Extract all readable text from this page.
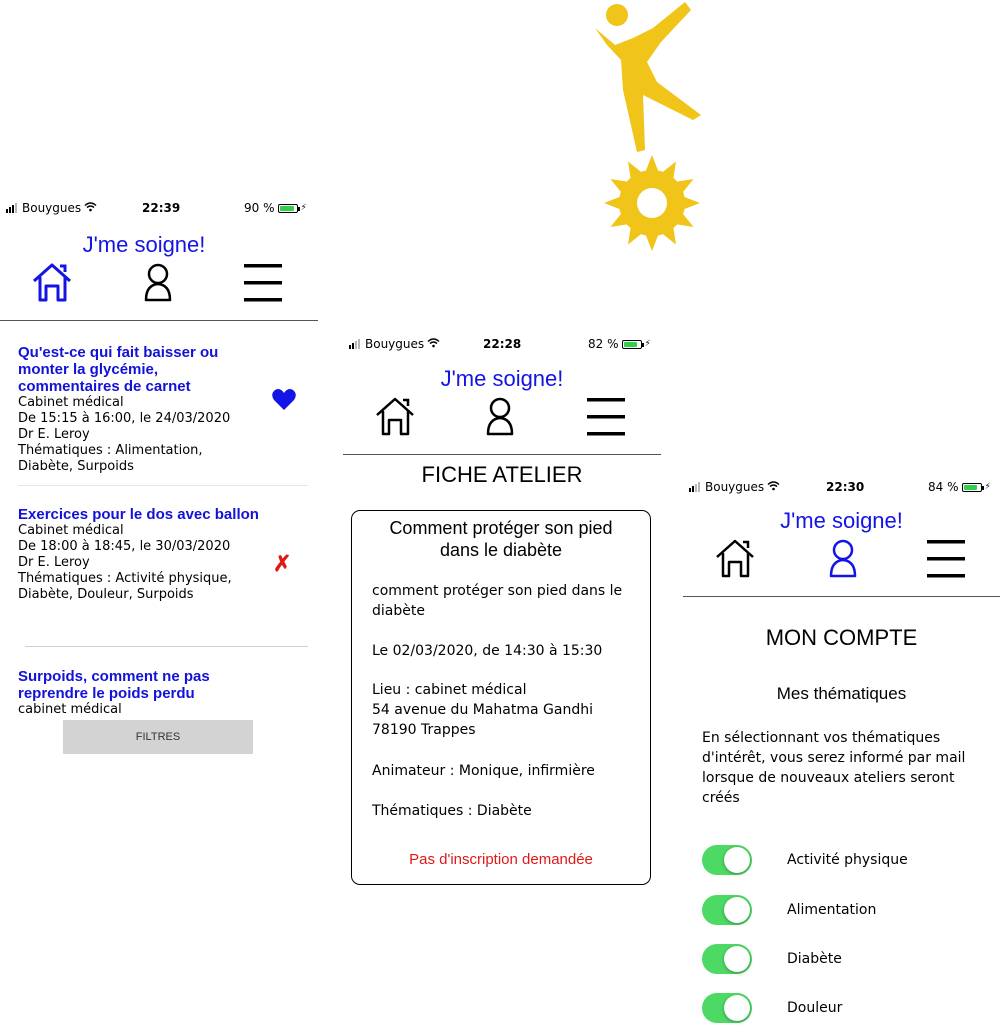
Bouygues	22:39	90 %	⚡
J'me soigne!
Qu'est-ce qui fait baisser ou monter la glycémie, commentaires de carnet
Cabinet médical
De 15:15 à 16:00, le 24/03/2020
Dr E. Leroy
Thématiques : Alimentation, Diabète, Surpoids
Exercices pour le dos avec ballon
Cabinet médical
De 18:00 à 18:45, le 30/03/2020
Dr E. Leroy
Thématiques : Activité physique, Diabète, Douleur, Surpoids
✗
Surpoids, comment ne pas reprendre le poids perdu
cabinet médical
FILTRES
Bouygues	22:28	82 %	⚡
J'me soigne!
FICHE ATELIER
Comment protéger son pied dans le diabète
comment protéger son pied dans le diabète
Le 02/03/2020, de 14:30 à 15:30
Lieu : cabinet médical
54 avenue du Mahatma Gandhi
78190 Trappes
Animateur : Monique, infirmière
Thématiques : Diabète
Pas d'inscription demandée
Bouygues	22:30	84 %	⚡
J'me soigne!
MON COMPTE
Mes thématiques
En sélectionnant vos thématiques d'intérêt, vous serez informé par mail lorsque de nouveaux ateliers seront créés
Activité physique
Alimentation
Diabète
Douleur
